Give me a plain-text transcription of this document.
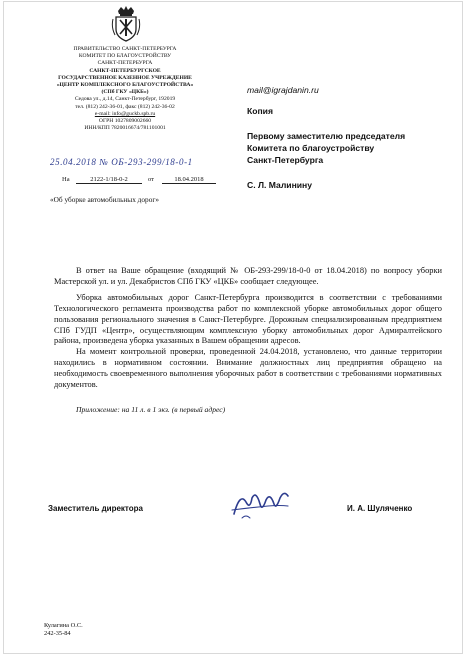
ПРАВИТЕЛЬСТВО САНКТ-ПЕТЕРБУРГА
КОМИТЕТ ПО БЛАГОУСТРОЙСТВУ
САНКТ-ПЕТЕРБУРГА
САНКТ-ПЕТЕРБУРГСКОЕ
ГОСУДАРСТВЕННОЕ КАЗЕННОЕ УЧРЕЖДЕНИЕ
«ЦЕНТР КОМПЛЕКСНОГО БЛАГОУСТРОЙСТВА»
(СПб ГКУ «ЦКБ»)
Седова ул., д.14, Санкт-Петербург, 192019
тел. (812) 242-36-01, факс (812) 242-36-02
e-mail: info@guckb.spb.ru
ОГРН 1027809002660
ИНН/КПП 7820016674/781101001
25.04.2018 № ОБ-293-299/18-0-1
На	2122-1/18-0-2	от	18.04.2018
«Об уборке автомобильных дорог»
mail@igrajdanin.ru
Копия
Первому заместителю председателя
Комитета по благоустройству
Санкт-Петербурга
С. Л. Малинину

В ответ на Ваше обращение (входящий № ОБ-293-299/18-0-0 от 18.04.2018) по вопросу уборки Мастерской ул. и ул. Декабристов СПб ГКУ «ЦКБ» сообщает следующее.

Уборка автомобильных дорог Санкт-Петербурга производится в соответствии с требованиями Технологического регламента производства работ по комплексной уборке автомобильных дорог общего пользования регионального значения в Санкт-Петербурге. Дорожным специализированным предприятием СПб ГУДП «Центр», осуществляющим комплексную уборку автомобильных дорог Адмиралтейского района, произведена уборка указанных в Вашем обращении адресов.

На момент контрольной проверки, проведенной 24.04.2018, установлено, что данные территории находились в нормативном состоянии. Внимание должностных лиц предприятия обращено на необходимость своевременного выполнения уборочных работ в соответствии с требованиями нормативных документов.

Приложение: на 11 л. в 1 экз. (в первый адрес)
Заместитель директора	И. А. Шуляченко
Кулагина О.С.
242-35-84
